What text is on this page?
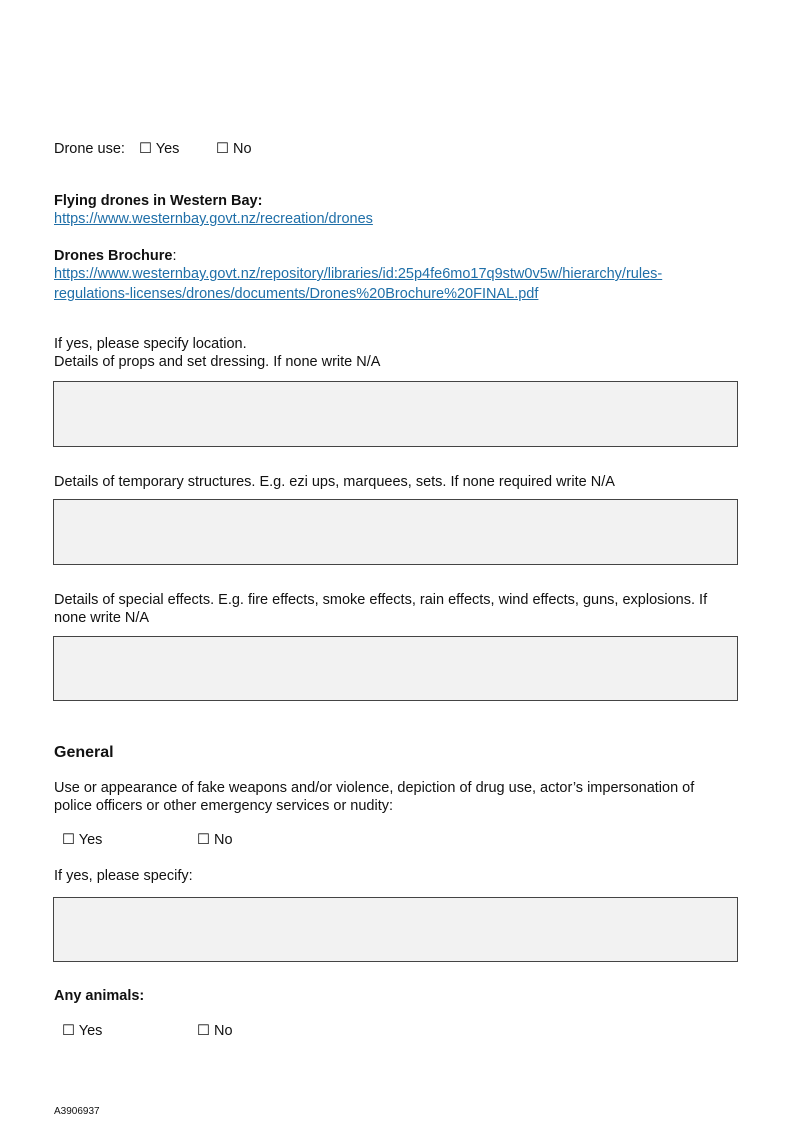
Drone use: ☐ Yes	☐ No
Flying drones in Western Bay:
https://www.westernbay.govt.nz/recreation/drones
Drones Brochure:
https://www.westernbay.govt.nz/repository/libraries/id:25p4fe6mo17q9stw0v5w/hierarchy/rules-
regulations-licenses/drones/documents/Drones%20Brochure%20FINAL.pdf
If yes, please specify location.
Details of props and set dressing. If none write N/A
Details of temporary structures. E.g. ezi ups, marquees, sets. If none required write N/A
Details of special effects. E.g. fire effects, smoke effects, rain effects, wind effects, guns, explosions. If
none write N/A
General
Use or appearance of fake weapons and/or violence, depiction of drug use, actor’s impersonation of
police officers or other emergency services or nudity:
☐ Yes	☐ No
If yes, please specify:
Any animals:
☐ Yes	☐ No
A3906937
